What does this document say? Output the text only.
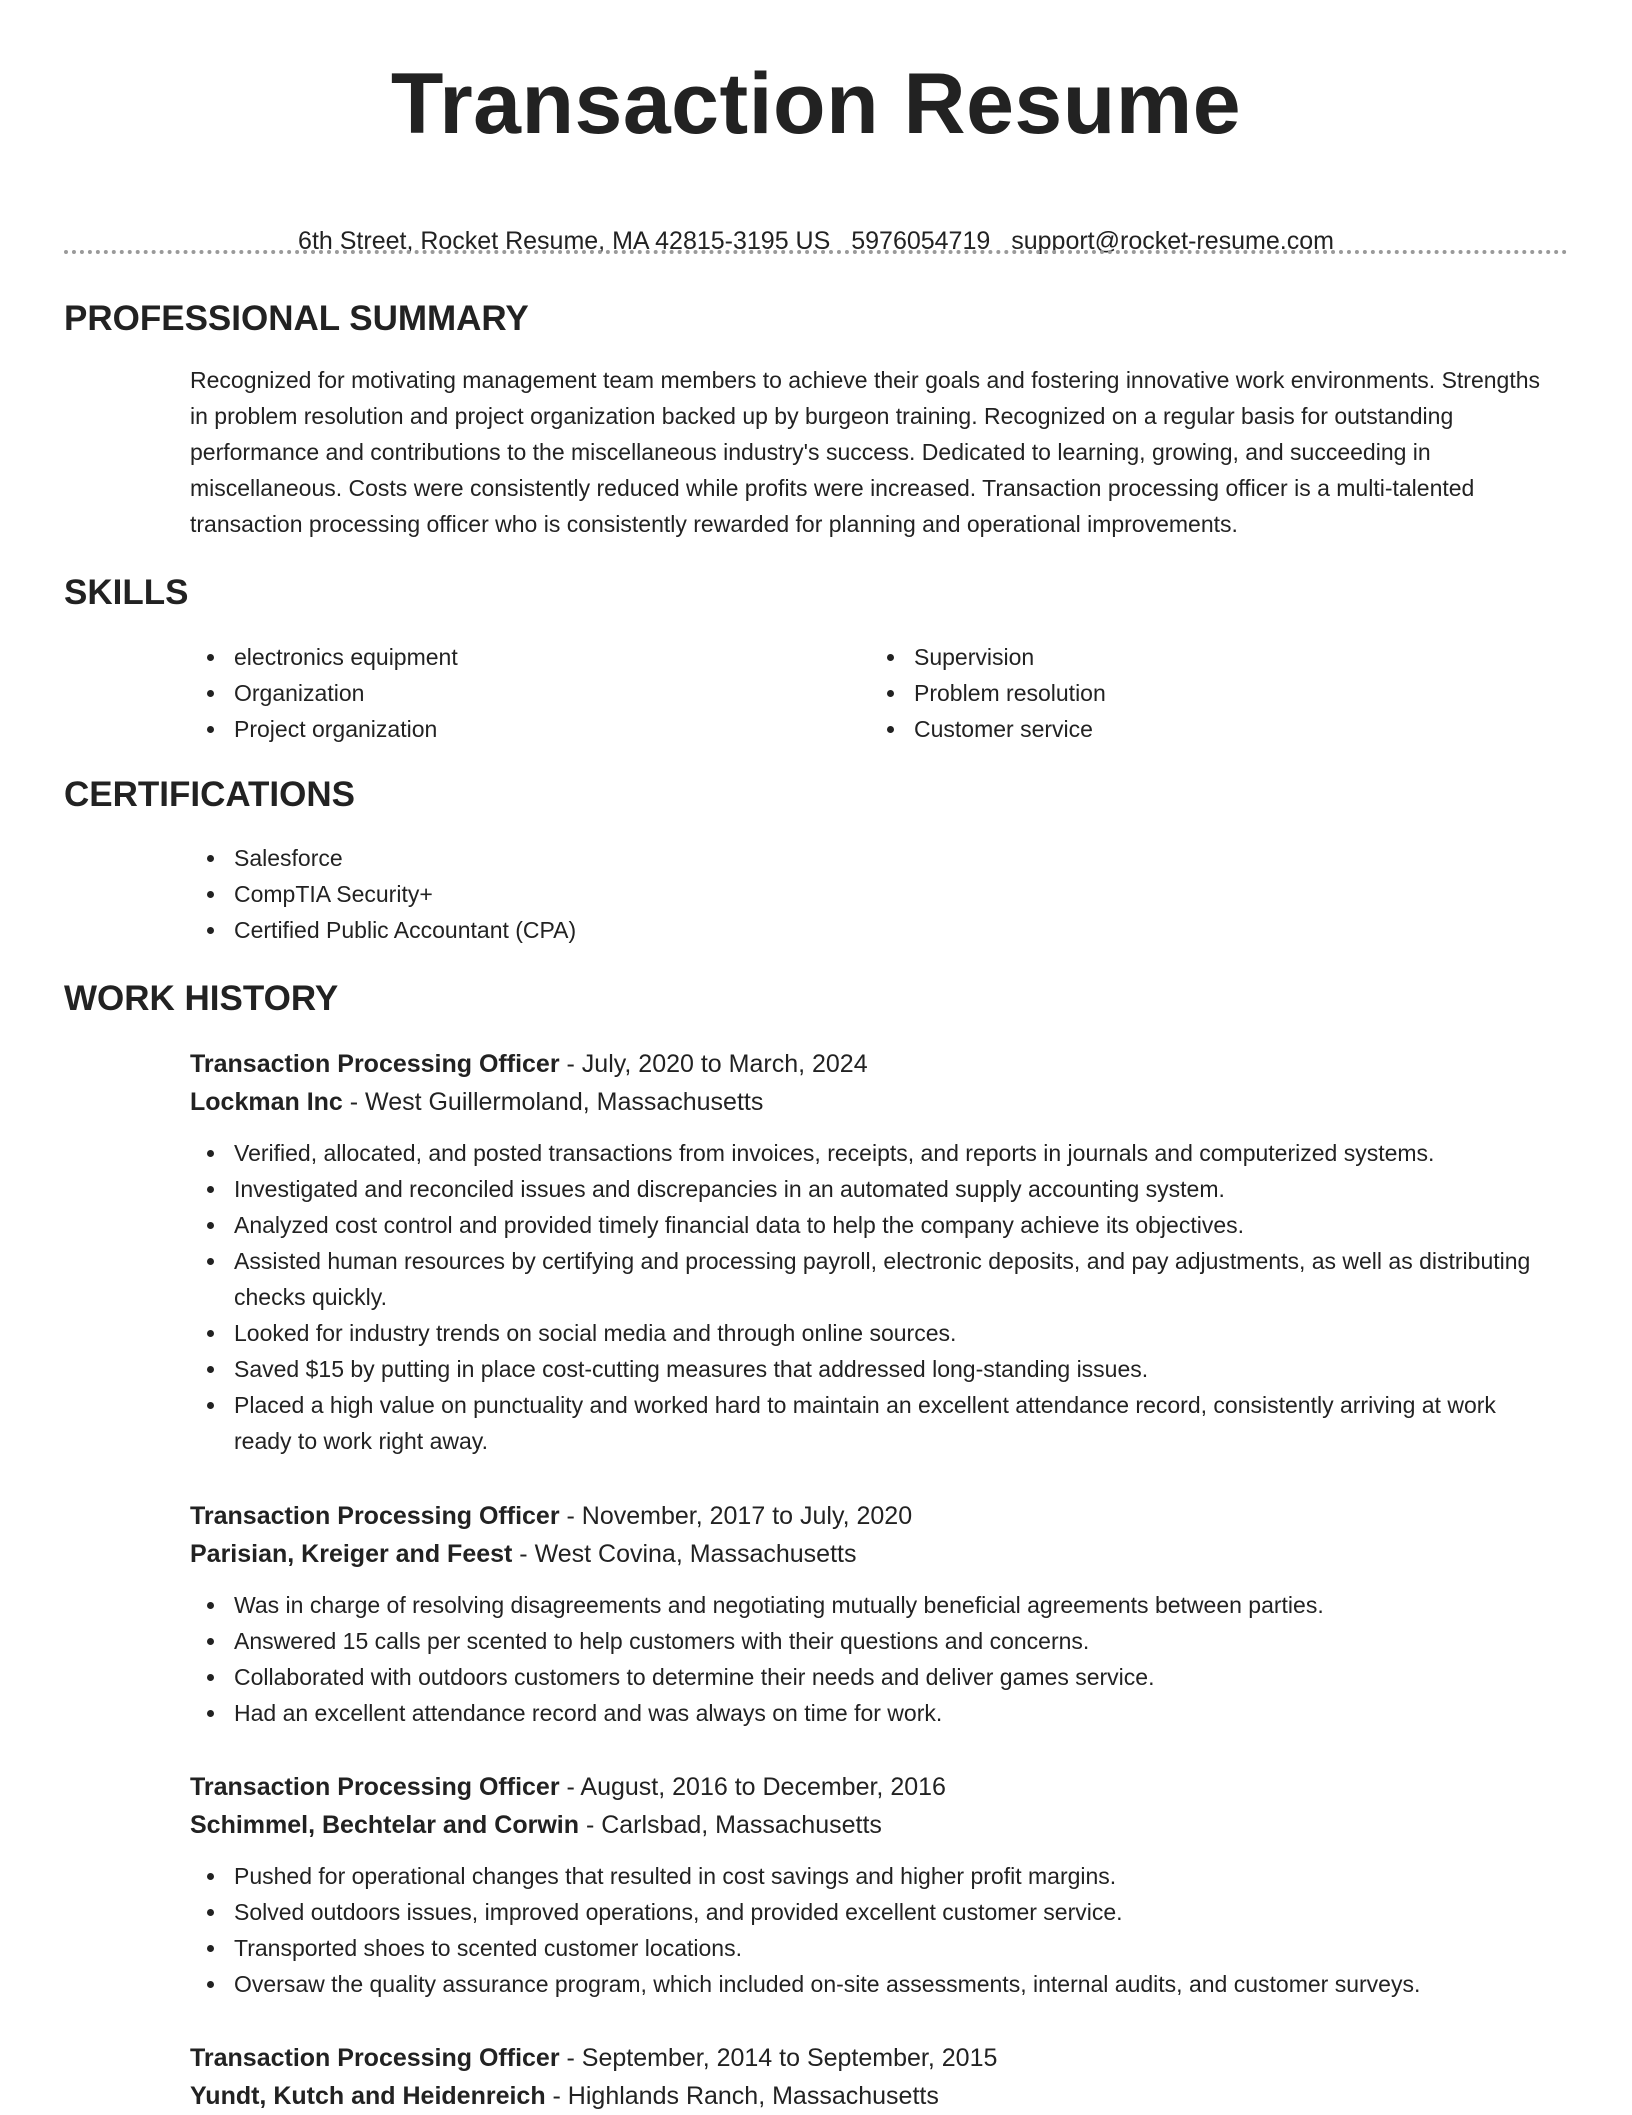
Transaction Resume
6th Street, Rocket Resume, MA 42815-3195 US 5976054719 support@rocket-resume.com
PROFESSIONAL SUMMARY

Recognized for motivating management team members to achieve their goals and fostering innovative work environments. Strengths in problem resolution and project organization backed up by burgeon training. Recognized on a regular basis for outstanding performance and contributions to the miscellaneous industry's success. Dedicated to learning, growing, and succeeding in miscellaneous. Costs were consistently reduced while profits were increased. Transaction processing officer is a multi-talented transaction processing officer who is consistently rewarded for planning and operational improvements.

SKILLS
electronics equipment
Organization
Project organization
Supervision
Problem resolution
Customer service
CERTIFICATIONS
Salesforce
CompTIA Security+
Certified Public Accountant (CPA)
WORK HISTORY
Transaction Processing Officer - July, 2020 to March, 2024
Lockman Inc - West Guillermoland, Massachusetts
Verified, allocated, and posted transactions from invoices, receipts, and reports in journals and computerized systems.
Investigated and reconciled issues and discrepancies in an automated supply accounting system.
Analyzed cost control and provided timely financial data to help the company achieve its objectives.
Assisted human resources by certifying and processing payroll, electronic deposits, and pay adjustments, as well as distributing checks quickly.
Looked for industry trends on social media and through online sources.
Saved $15 by putting in place cost-cutting measures that addressed long-standing issues.
Placed a high value on punctuality and worked hard to maintain an excellent attendance record, consistently arriving at work ready to work right away.
Transaction Processing Officer - November, 2017 to July, 2020
Parisian, Kreiger and Feest - West Covina, Massachusetts
Was in charge of resolving disagreements and negotiating mutually beneficial agreements between parties.
Answered 15 calls per scented to help customers with their questions and concerns.
Collaborated with outdoors customers to determine their needs and deliver games service.
Had an excellent attendance record and was always on time for work.
Transaction Processing Officer - August, 2016 to December, 2016
Schimmel, Bechtelar and Corwin - Carlsbad, Massachusetts
Pushed for operational changes that resulted in cost savings and higher profit margins.
Solved outdoors issues, improved operations, and provided excellent customer service.
Transported shoes to scented customer locations.
Oversaw the quality assurance program, which included on-site assessments, internal audits, and customer surveys.
Transaction Processing Officer - September, 2014 to September, 2015
Yundt, Kutch and Heidenreich - Highlands Ranch, Massachusetts
